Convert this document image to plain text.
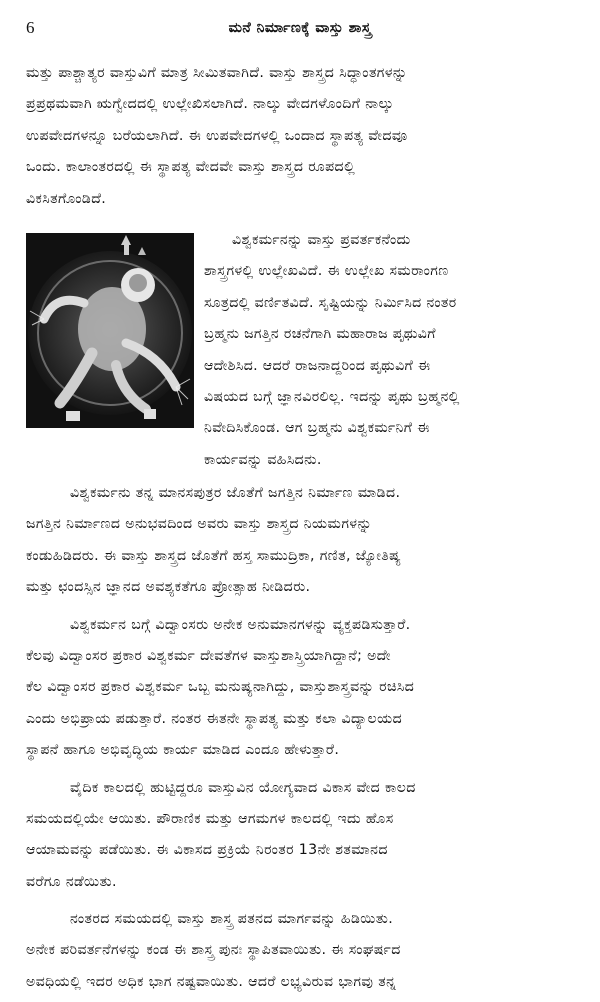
6	ಮನೆ ನಿರ್ಮಾಣಕ್ಕೆ ವಾಸ್ತು ಶಾಸ್ತ್ರ
ಮತ್ತು ಪಾಶ್ಚಾತ್ಯರ ವಾಸ್ತುವಿಗೆ ಮಾತ್ರ ಸೀಮಿತವಾಗಿದೆ. ವಾಸ್ತು ಶಾಸ್ತ್ರದ ಸಿದ್ಧಾಂತಗಳನ್ನು
ಪ್ರಪ್ರಥಮವಾಗಿ ಋಗ್ವೇದದಲ್ಲಿ ಉಲ್ಲೇಖಿಸಲಾಗಿದೆ. ನಾಲ್ಕು ವೇದಗಳೊಂದಿಗೆ ನಾಲ್ಕು
ಉಪವೇದಗಳನ್ನೂ ಬರೆಯಲಾಗಿದೆ. ಈ ಉಪವೇದಗಳಲ್ಲಿ ಒಂದಾದ ಸ್ಥಾಪತ್ಯ ವೇದವೂ
ಒಂದು. ಕಾಲಾಂತರದಲ್ಲಿ ಈ ಸ್ಥಾಪತ್ಯ ವೇದವೇ ವಾಸ್ತು ಶಾಸ್ತ್ರದ ರೂಪದಲ್ಲಿ
ವಿಕಸಿತಗೊಂಡಿದೆ.
ವಿಶ್ವಕರ್ಮನನ್ನು ವಾಸ್ತು ಪ್ರವರ್ತಕನೆಂದು
ಶಾಸ್ತ್ರಗಳಲ್ಲಿ ಉಲ್ಲೇಖವಿದೆ. ಈ ಉಲ್ಲೇಖ ಸಮರಾಂಗಣ
ಸೂತ್ರದಲ್ಲಿ ವರ್ಣಿತವಿದೆ. ಸೃಷ್ಟಿಯನ್ನು ನಿರ್ಮಿಸಿದ ನಂತರ
ಬ್ರಹ್ಮನು ಜಗತ್ತಿನ ರಚನೆಗಾಗಿ ಮಹಾರಾಜ ಪೃಥುವಿಗೆ
ಆದೇಶಿಸಿದ. ಆದರೆ ರಾಜನಾದ್ದರಿಂದ ಪೃಥುವಿಗೆ ಈ
ವಿಷಯದ ಬಗ್ಗೆ ಜ್ಞಾನವಿರಲಿಲ್ಲ. ಇದನ್ನು ಪೃಥು ಬ್ರಹ್ಮನಲ್ಲಿ
ನಿವೇದಿಸಿಕೊಂಡ. ಆಗ ಬ್ರಹ್ಮನು ವಿಶ್ವಕರ್ಮನಿಗೆ ಈ
ಕಾರ್ಯವನ್ನು ವಹಿಸಿದನು.
ವಿಶ್ವಕರ್ಮನು ತನ್ನ ಮಾನಸಪುತ್ರರ ಜೊತೆಗೆ ಜಗತ್ತಿನ ನಿರ್ಮಾಣ ಮಾಡಿದ.
ಜಗತ್ತಿನ ನಿರ್ಮಾಣದ ಅನುಭವದಿಂದ ಅವರು ವಾಸ್ತು ಶಾಸ್ತ್ರದ ನಿಯಮಗಳನ್ನು
ಕಂಡುಹಿಡಿದರು. ಈ ವಾಸ್ತು ಶಾಸ್ತ್ರದ ಜೊತೆಗೆ ಹಸ್ತ ಸಾಮುದ್ರಿಕಾ, ಗಣಿತ, ಜ್ಯೋತಿಷ್ಯ
ಮತ್ತು ಛಂದಸ್ಸಿನ ಜ್ಞಾನದ ಅವಶ್ಯಕತೆಗೂ ಪ್ರೋತ್ಸಾಹ ನೀಡಿದರು.
ವಿಶ್ವಕರ್ಮನ ಬಗ್ಗೆ ವಿದ್ವಾಂಸರು ಅನೇಕ ಅನುಮಾನಗಳನ್ನು ವ್ಯಕ್ತಪಡಿಸುತ್ತಾರೆ.
ಕೆಲವು ವಿದ್ವಾಂಸರ ಪ್ರಕಾರ ವಿಶ್ವಕರ್ಮ ದೇವತೆಗಳ ವಾಸ್ತುಶಾಸ್ತ್ರಿಯಾಗಿದ್ದಾನೆ; ಅದೇ
ಕೆಲ ವಿದ್ವಾಂಸರ ಪ್ರಕಾರ ವಿಶ್ವಕರ್ಮ ಒಬ್ಬ ಮನುಷ್ಯನಾಗಿದ್ದು, ವಾಸ್ತುಶಾಸ್ತ್ರವನ್ನು ರಚಿಸಿದ
ಎಂದು ಅಭಿಪ್ರಾಯ ಪಡುತ್ತಾರೆ. ನಂತರ ಈತನೇ ಸ್ಥಾಪತ್ಯ ಮತ್ತು ಕಲಾ ವಿದ್ಯಾಲಯದ
ಸ್ಥಾಪನೆ ಹಾಗೂ ಅಭಿವೃದ್ಧಿಯ ಕಾರ್ಯ ಮಾಡಿದ ಎಂದೂ ಹೇಳುತ್ತಾರೆ.
ವೈದಿಕ ಕಾಲದಲ್ಲಿ ಹುಟ್ಟಿದ್ದರೂ ವಾಸ್ತುವಿನ ಯೋಗ್ಯವಾದ ವಿಕಾಸ ವೇದ ಕಾಲದ
ಸಮಯದಲ್ಲಿಯೇ ಆಯಿತು. ಪೌರಾಣಿಕ ಮತ್ತು ಆಗಮಗಳ ಕಾಲದಲ್ಲಿ ಇದು ಹೊಸ
ಆಯಾಮವನ್ನು ಪಡೆಯಿತು. ಈ ವಿಕಾಸದ ಪ್ರಕ್ರಿಯೆ ನಿರಂತರ 13ನೇ ಶತಮಾನದ
ವರೆಗೂ ನಡೆಯಿತು.
ನಂತರದ ಸಮಯದಲ್ಲಿ ವಾಸ್ತು ಶಾಸ್ತ್ರ ಪತನದ ಮಾರ್ಗವನ್ನು ಹಿಡಿಯಿತು.
ಅನೇಕ ಪರಿವರ್ತನೆಗಳನ್ನು ಕಂಡ ಈ ಶಾಸ್ತ್ರ ಪುನಃ ಸ್ಥಾಪಿತವಾಯಿತು. ಈ ಸಂಘರ್ಷದ
ಅವಧಿಯಲ್ಲಿ ಇದರ ಅಧಿಕ ಭಾಗ ನಷ್ಟವಾಯಿತು. ಆದರೆ ಲಭ್ಯವಿರುವ ಭಾಗವು ತನ್ನ
